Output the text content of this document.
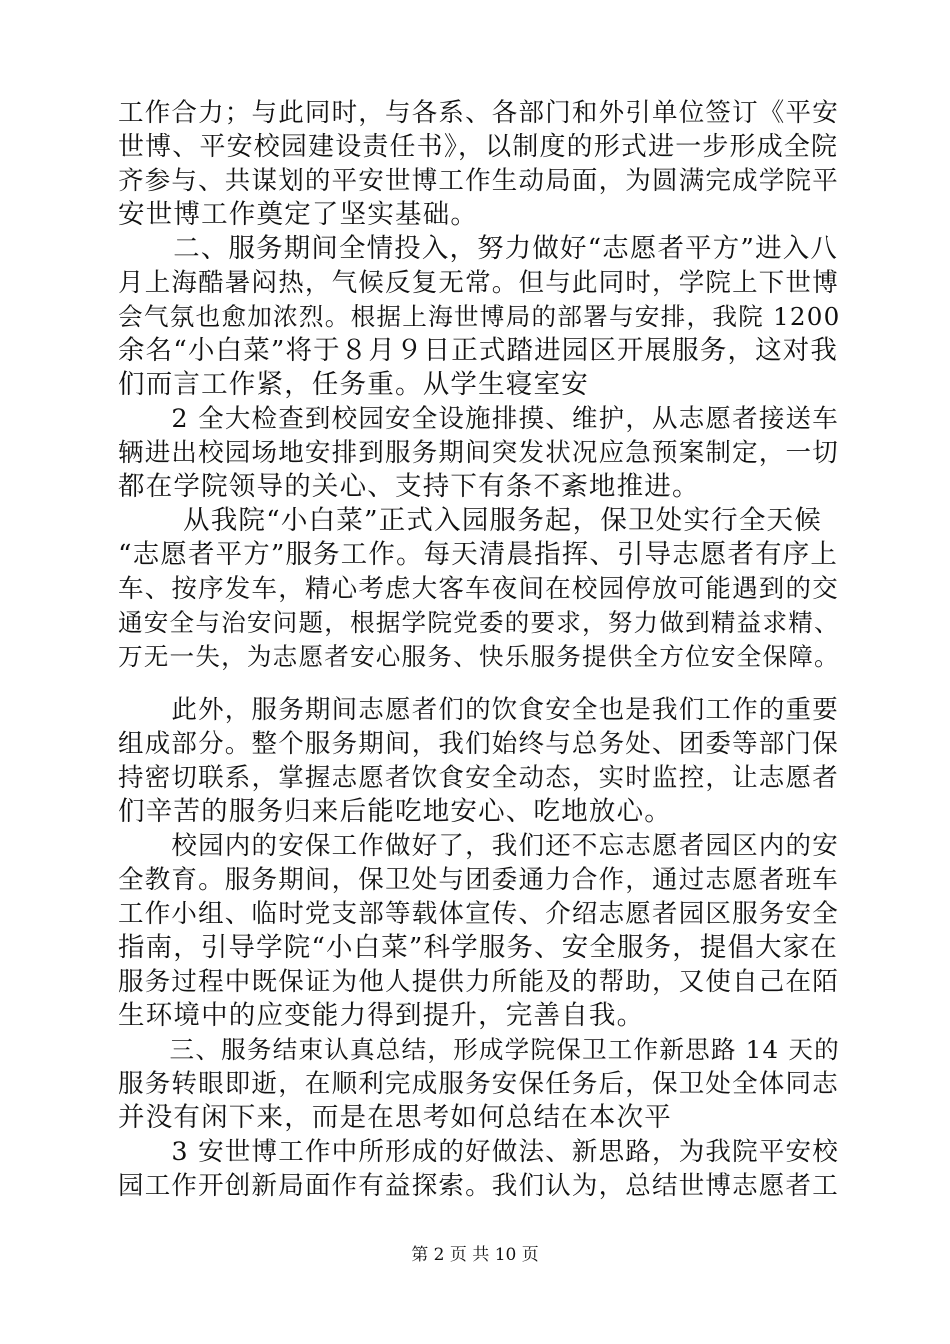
工作合力；与此同时，与各系、各部门和外引单位签订《平安
世博、平安校园建设责任书》，以制度的形式进一步形成全院
齐参与、共谋划的平安世博工作生动局面，为圆满完成学院平
安世博工作奠定了坚实基础。
　　二、服务期间全情投入，努力做好“志愿者平方”进入八
月上海酷暑闷热，气候反复无常。但与此同时，学院上下世博
会气氛也愈加浓烈。根据上海世博局的部署与安排，我院 1200
余名“小白菜”将于８月９日正式踏进园区开展服务，这对我
们而言工作紧，任务重。从学生寝室安
　　2 全大检查到校园安全设施排摸、维护，从志愿者接送车
辆进出校园场地安排到服务期间突发状况应急预案制定，一切
都在学院领导的关心、支持下有条不紊地推进。
　　 从我院“小白菜”正式入园服务起，保卫处实行全天候
“志愿者平方”服务工作。每天清晨指挥、引导志愿者有序上
车、按序发车，精心考虑大客车夜间在校园停放可能遇到的交
通安全与治安问题，根据学院党委的要求，努力做到精益求精、
万无一失，为志愿者安心服务、快乐服务提供全方位安全保障。
　　此外，服务期间志愿者们的饮食安全也是我们工作的重要
组成部分。整个服务期间，我们始终与总务处、团委等部门保
持密切联系，掌握志愿者饮食安全动态，实时监控，让志愿者
们辛苦的服务归来后能吃地安心、吃地放心。
　　校园内的安保工作做好了，我们还不忘志愿者园区内的安
全教育。服务期间，保卫处与团委通力合作，通过志愿者班车
工作小组、临时党支部等载体宣传、介绍志愿者园区服务安全
指南，引导学院“小白菜”科学服务、安全服务，提倡大家在
服务过程中既保证为他人提供力所能及的帮助，又使自己在陌
生环境中的应变能力得到提升，完善自我。
　　三、服务结束认真总结，形成学院保卫工作新思路 14 天的
服务转眼即逝，在顺利完成服务安保任务后，保卫处全体同志
并没有闲下来，而是在思考如何总结在本次平
　　3 安世博工作中所形成的好做法、新思路，为我院平安校
园工作开创新局面作有益探索。我们认为，总结世博志愿者工
第 2 页 共 10 页
